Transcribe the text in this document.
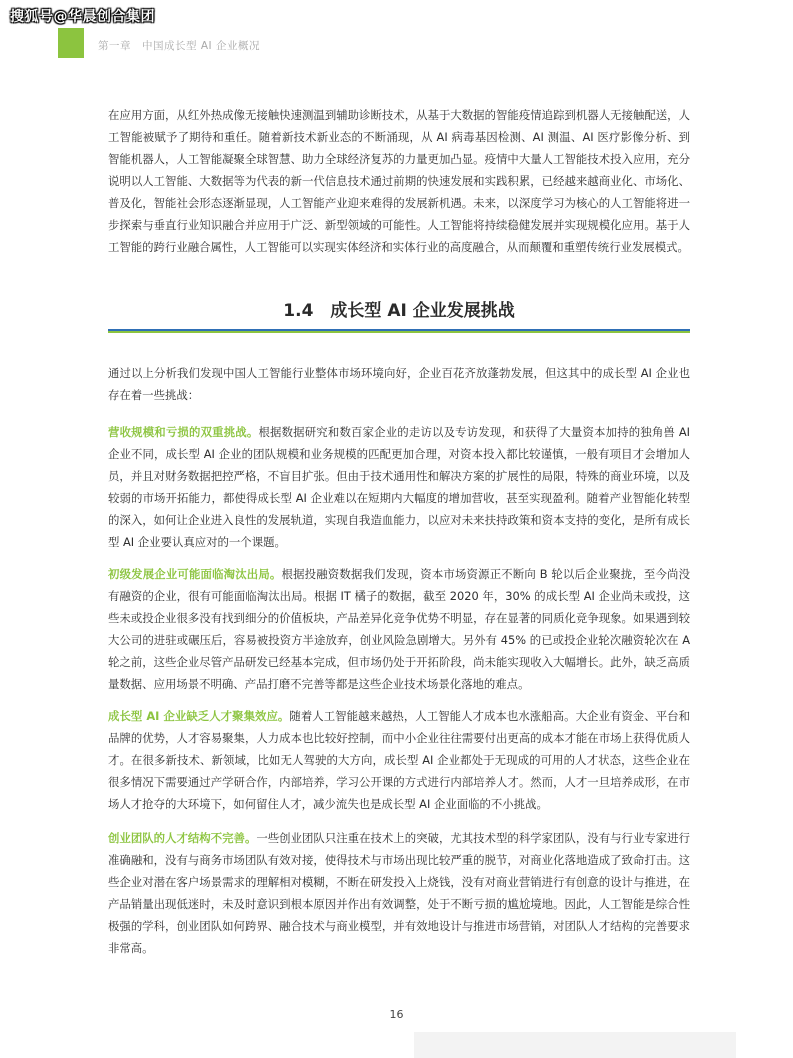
搜狐号@华晨创合集团
第一章　中国成长型 AI 企业概况

在应用方面，从红外热成像无接触快速测温到辅助诊断技术，从基于大数据的智能疫情追踪到机器人无接触配送，人工智能被赋予了期待和重任。随着新技术新业态的不断涌现，从 AI 病毒基因检测、AI 测温、AI 医疗影像分析、到智能机器人，人工智能凝聚全球智慧、助力全球经济复苏的力量更加凸显。疫情中大量人工智能技术投入应用，充分说明以人工智能、大数据等为代表的新一代信息技术通过前期的快速发展和实践积累，已经越来越商业化、市场化、普及化，智能社会形态逐渐显现，人工智能产业迎来难得的发展新机遇。未来，以深度学习为核心的人工智能将进一步探索与垂直行业知识融合并应用于广泛、新型领域的可能性。人工智能将持续稳健发展并实现规模化应用。基于人工智能的跨行业融合属性，人工智能可以实现实体经济和实体行业的高度融合，从而颠覆和重塑传统行业发展模式。

1.4　成长型 AI 企业发展挑战

通过以上分析我们发现中国人工智能行业整体市场环境向好，企业百花齐放蓬勃发展，但这其中的成长型 AI 企业也存在着一些挑战：

营收规模和亏损的双重挑战。根据数据研究和数百家企业的走访以及专访发现，和获得了大量资本加持的独角兽 AI 企业不同，成长型 AI 企业的团队规模和业务规模的匹配更加合理，对资本投入都比较谨慎，一般有项目才会增加人员，并且对财务数据把控严格，不盲目扩张。但由于技术通用性和解决方案的扩展性的局限，特殊的商业环境，以及较弱的市场开拓能力，都使得成长型 AI 企业难以在短期内大幅度的增加营收，甚至实现盈利。随着产业智能化转型的深入，如何让企业进入良性的发展轨道，实现自我造血能力，以应对未来扶持政策和资本支持的变化，是所有成长型 AI 企业要认真应对的一个课题。

初级发展企业可能面临淘汰出局。根据投融资数据我们发现，资本市场资源正不断向 B 轮以后企业聚拢，至今尚没有融资的企业，很有可能面临淘汰出局。根据 IT 橘子的数据，截至 2020 年，30% 的成长型 AI 企业尚未或投，这些未或投企业很多没有找到细分的价值板块，产品差异化竞争优势不明显，存在显著的同质化竞争现象。如果遇到较大公司的进驻或碾压后，容易被投资方半途放弃，创业风险急剧增大。另外有 45% 的已或投企业轮次融资轮次在 A 轮之前，这些企业尽管产品研发已经基本完成，但市场仍处于开拓阶段，尚未能实现收入大幅增长。此外，缺乏高质量数据、应用场景不明确、产品打磨不完善等都是这些企业技术场景化落地的难点。

成长型 AI 企业缺乏人才聚集效应。随着人工智能越来越热，人工智能人才成本也水涨船高。大企业有资金、平台和品牌的优势，人才容易聚集，人力成本也比较好控制，而中小企业往往需要付出更高的成本才能在市场上获得优质人才。在很多新技术、新领域，比如无人驾驶的大方向，成长型 AI 企业都处于无现成的可用的人才状态，这些企业在很多情况下需要通过产学研合作，内部培养，学习公开课的方式进行内部培养人才。然而，人才一旦培养成形，在市场人才抢夺的大环境下，如何留住人才，减少流失也是成长型 AI 企业面临的不小挑战。

创业团队的人才结构不完善。一些创业团队只注重在技术上的突破，尤其技术型的科学家团队，没有与行业专家进行准确融和，没有与商务市场团队有效对接，使得技术与市场出现比较严重的脱节，对商业化落地造成了致命打击。这些企业对潜在客户场景需求的理解相对模糊，不断在研发投入上烧钱，没有对商业营销进行有创意的设计与推进，在产品销量出现低迷时，未及时意识到根本原因并作出有效调整，处于不断亏损的尴尬境地。因此，人工智能是综合性极强的学科，创业团队如何跨界、融合技术与商业模型，并有效地设计与推进市场营销，对团队人才结构的完善要求非常高。

16
